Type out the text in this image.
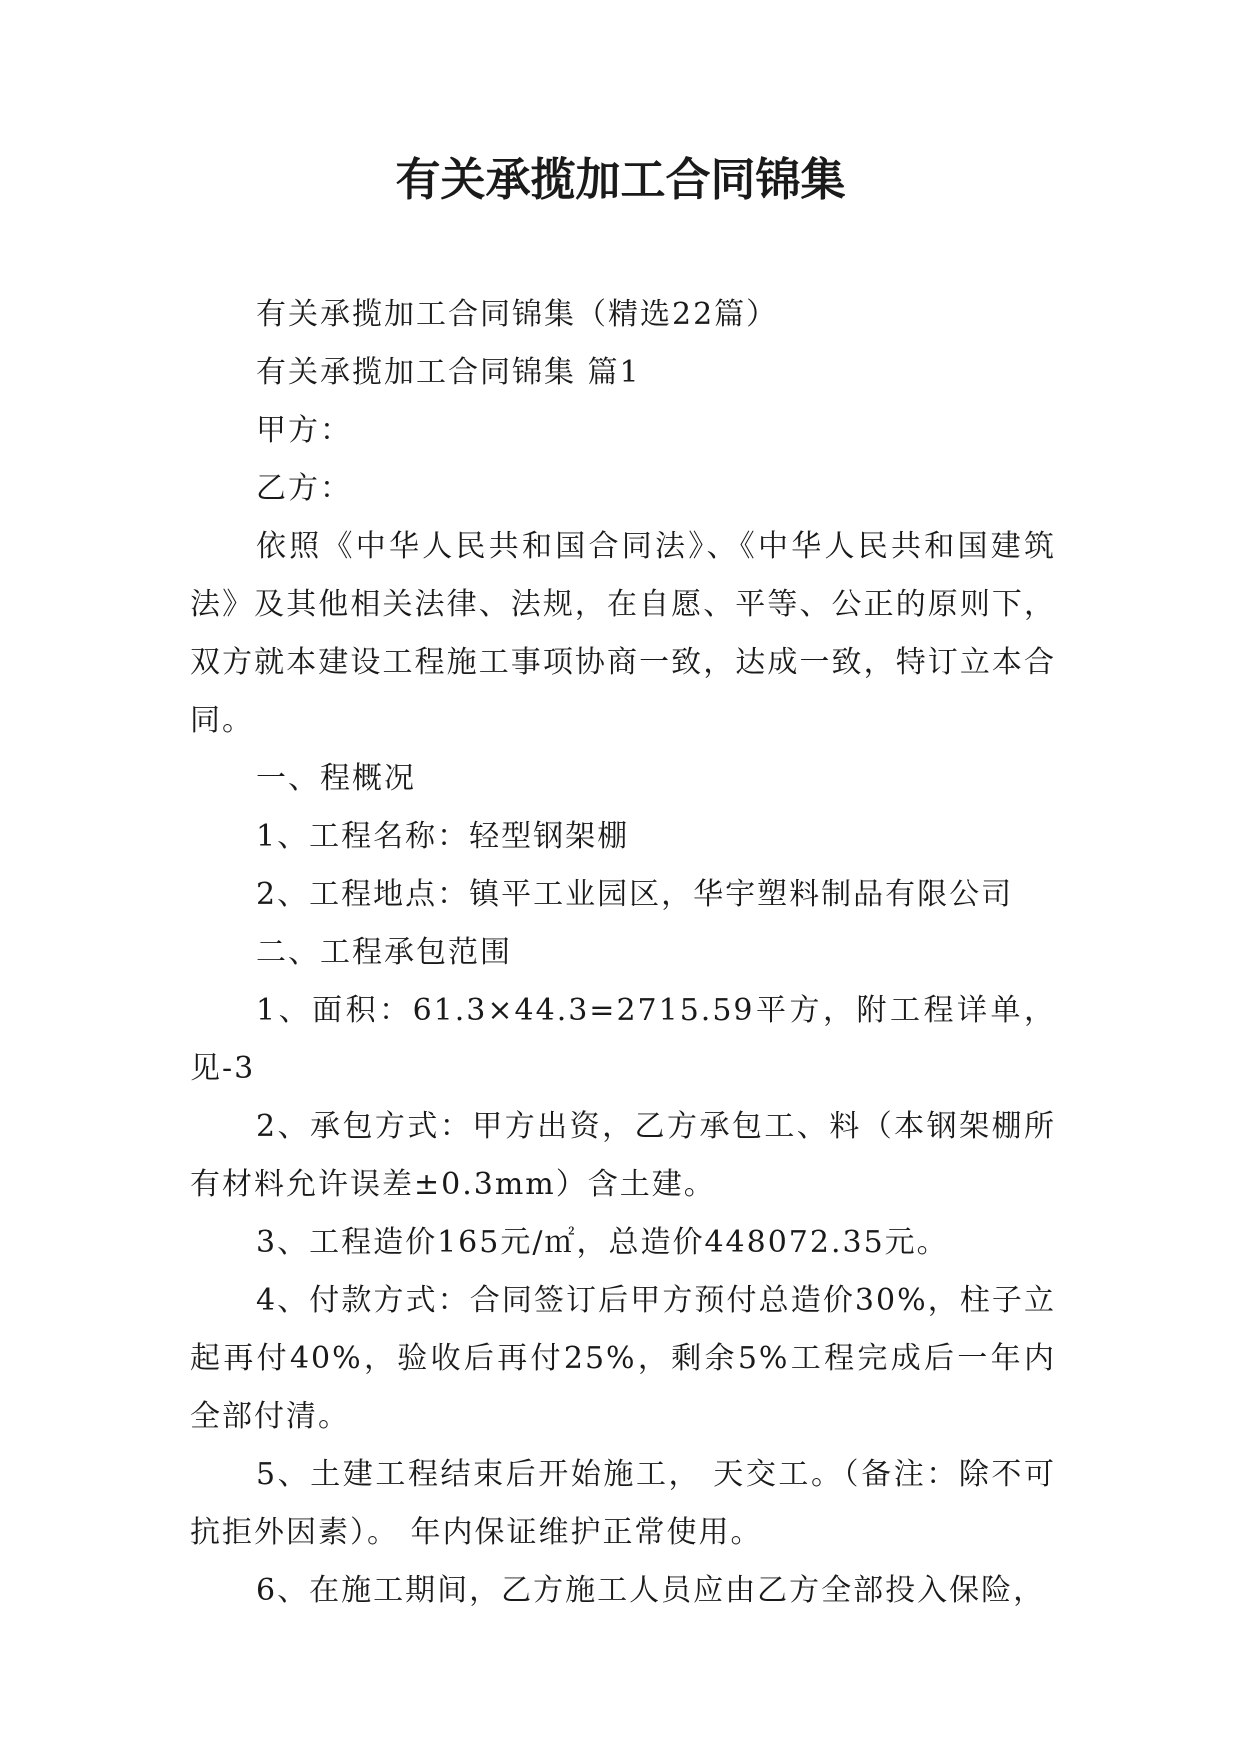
有关承揽加工合同锦集

有关承揽加工合同锦集（精选22篇）

有关承揽加工合同锦集 篇1

甲方：

乙方：

依照《中华人民共和国合同法》、《中华人民共和国建筑法》及其他相关法律、法规，在自愿、平等、公正的原则下，双方就本建设工程施工事项协商一致，达成一致，特订立本合同。

一、程概况

1、工程名称：轻型钢架棚

2、工程地点：镇平工业园区，华宇塑料制品有限公司

二、工程承包范围

1、面积：61.3×44.3=2715.59平方，附工程详单，见-3

2、承包方式：甲方出资，乙方承包工、料（本钢架棚所有材料允许误差±0.3mm）含土建。

3、工程造价165元/㎡，总造价448072.35元。

4、付款方式：合同签订后甲方预付总造价30%，柱子立起再付40%，验收后再付25%，剩余5%工程完成后一年内全部付清。

5、土建工程结束后开始施工， 天交工。（备注：除不可抗拒外因素）。 年内保证维护正常使用。

6、在施工期间，乙方施工人员应由乙方全部投入保险，
